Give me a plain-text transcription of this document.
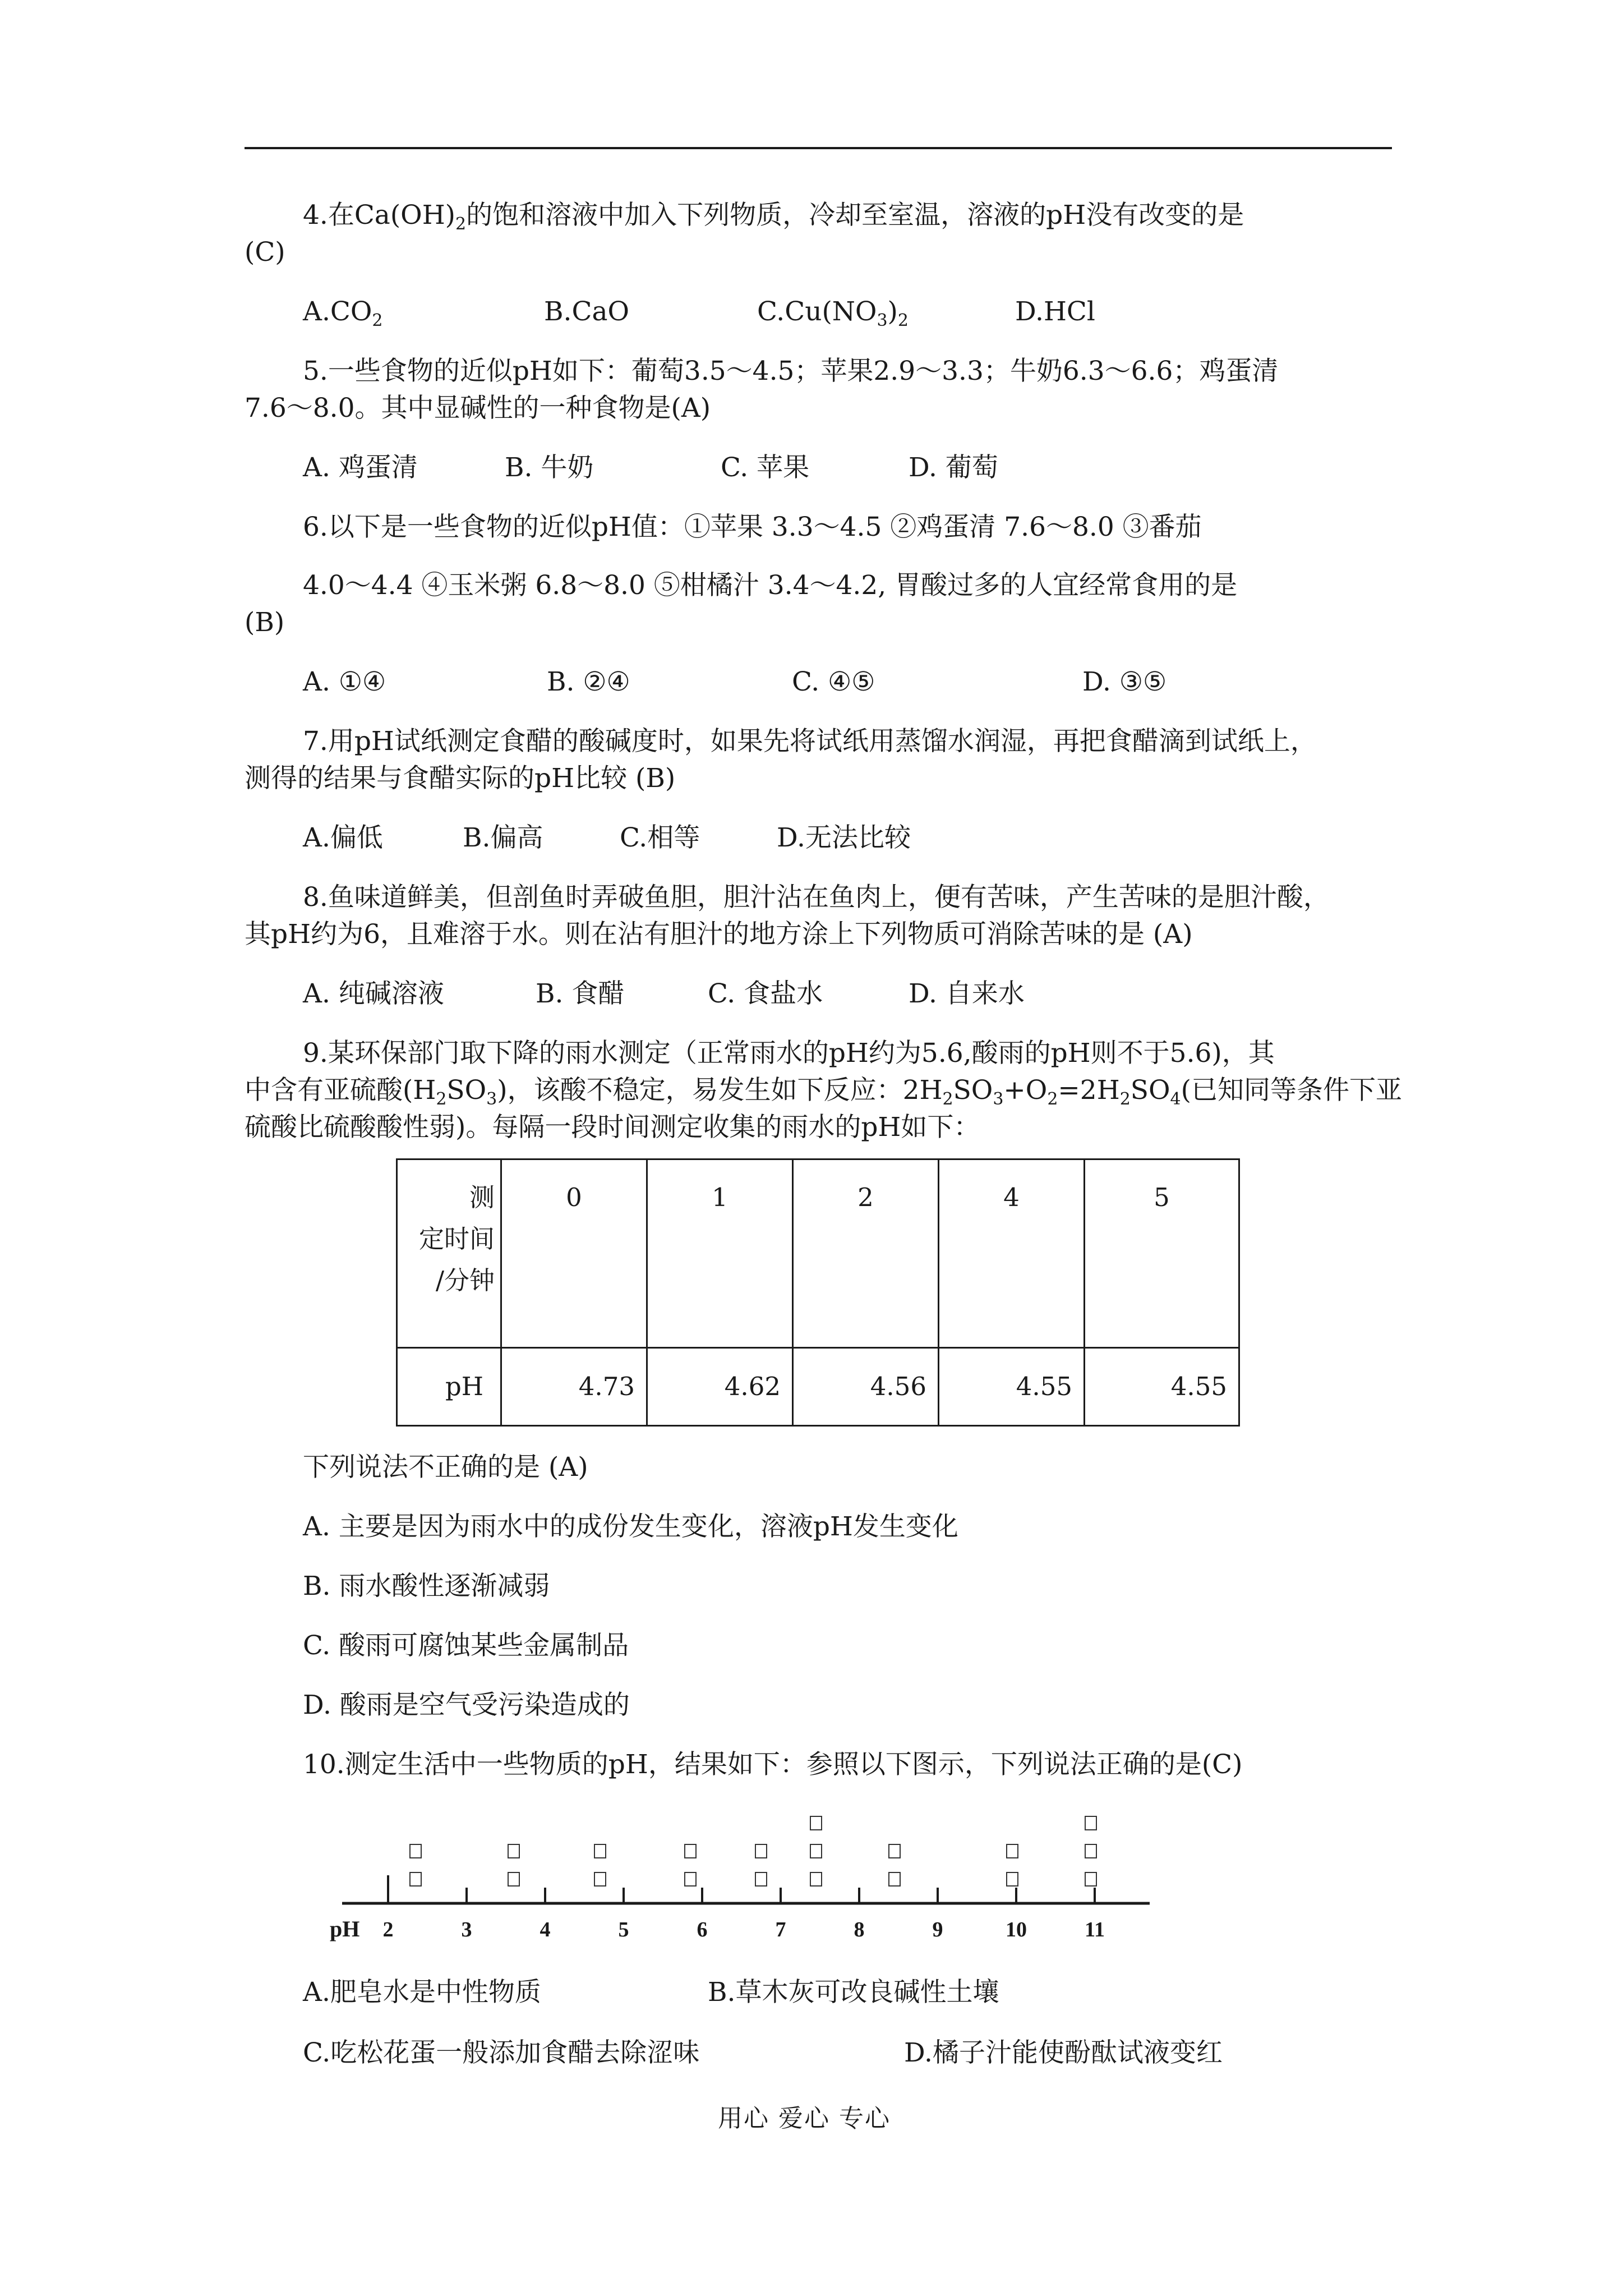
4.在$Ca(OH)_2$的饱和溶液中加入下列物质，冷却至室温，溶液的pH没有改变的是
(C)
$A.CO_2$	B.CaO	$C.Cu(NO_3)_2$	D.HCl
5.一些食物的近似pH如下：葡萄3.5～4.5；苹果2.9～3.3；牛奶6.3～6.6；鸡蛋清
7.6～8.0。其中显碱性的一种食物是(A)
A. 鸡蛋清	B. 牛奶	C. 苹果	D. 葡萄
6.以下是一些食物的近似pH值：①苹果 3.3～4.5 ②鸡蛋清 7.6～8.0 ③番茄
4.0～4.4 ④玉米粥 6.8～8.0 ⑤柑橘汁 3.4～4.2, 胃酸过多的人宜经常食用的是
(B)
A. ①④	B. ②④	C. ④⑤	D. ③⑤
7.用pH试纸测定食醋的酸碱度时，如果先将试纸用蒸馏水润湿，再把食醋滴到试纸上，
测得的结果与食醋实际的pH比较 (B)
A.偏低	B.偏高	C.相等	D.无法比较
8.鱼味道鲜美，但剖鱼时弄破鱼胆，胆汁沾在鱼肉上，便有苦味，产生苦味的是胆汁酸，
其pH约为6，且难溶于水。则在沾有胆汁的地方涂上下列物质可消除苦味的是 (A)
A. 纯碱溶液	B. 食醋	C. 食盐水	D. 自来水
9.某环保部门取下降的雨水测定（正常雨水的pH约为5.6,酸雨的pH则不于5.6)，其
中含有亚硫酸$(H_2SO_3)$，该酸不稳定，易发生如下反应：$2H_2SO_3+O_2=2H_2SO_4$(已知同等条件下亚
硫酸比硫酸酸性弱)。每隔一段时间测定收集的雨水的pH如下：
测
定时间
/分钟	0	1	2	4	5
pH	4.73	4.62	4.56	4.55	4.55
下列说法不正确的是 (A)
A. 主要是因为雨水中的成份发生变化，溶液pH发生变化
B. 雨水酸性逐渐减弱
C. 酸雨可腐蚀某些金属制品
D. 酸雨是空气受污染造成的
10.测定生活中一些物质的pH，结果如下：参照以下图示，下列说法正确的是(C)
2	3	4	5	6	7	8	9	10	11
pH
A.肥皂水是中性物质	B.草木灰可改良碱性土壤
C.吃松花蛋一般添加食醋去除涩味	D.橘子汁能使酚酞试液变红
用心 爱心 专心
